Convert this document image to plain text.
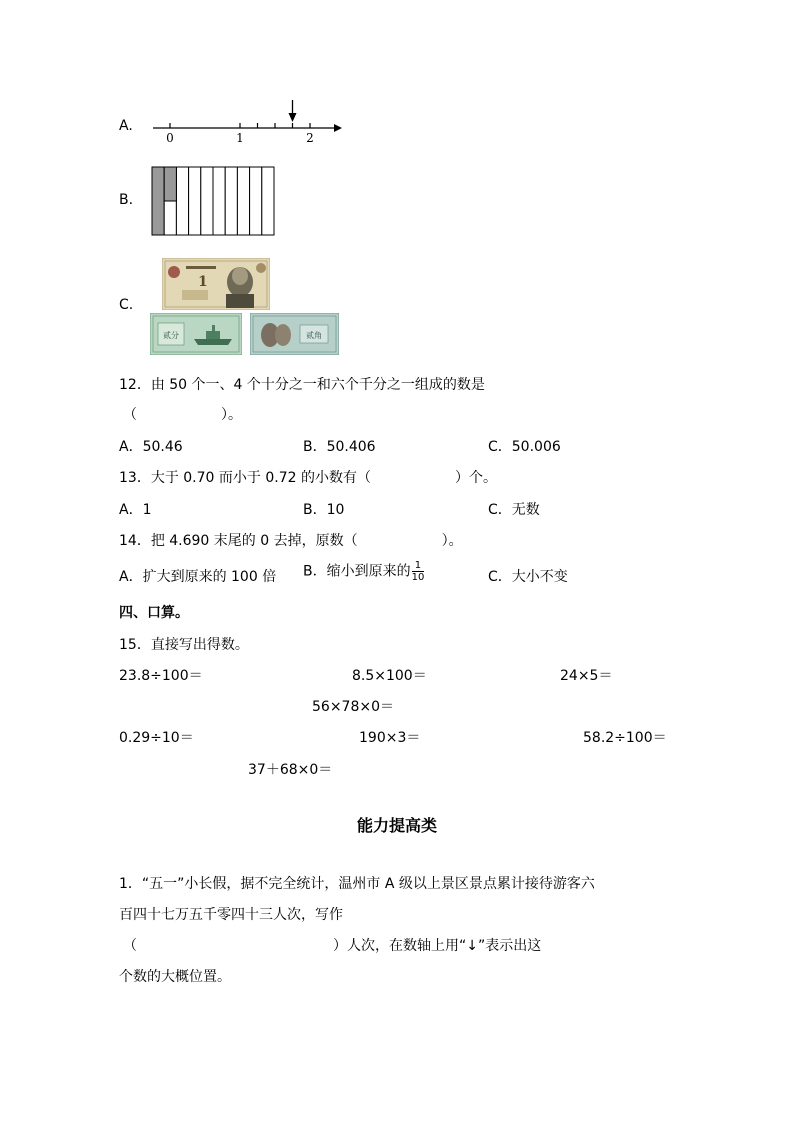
A.
0	1	2
B.
C.
1
贰分	贰角
12．由 50 个一、4 个十分之一和六个千分之一组成的数是
（　　　　　　）。
A．50.46	B．50.406	C．50.006
13．大于 0.70 而小于 0.72 的小数有（　　　　　　）个。
A．1	B．10	C．无数
14．把 4.690 末尾的 0 去掉，原数（　　　　　　）。
A．扩大到原来的 100 倍 B．缩小到原来的 $\frac{1}{10}$	C．大小不变
四、口算。
15．直接写出得数。
23.8÷100＝	8.5×100＝	24×5＝
56×78×0＝
0.29÷10＝	190×3＝	58.2÷100＝
37＋68×0＝
能力提高类
1．“五一”小长假，据不完全统计，温州市 A 级以上景区景点累计接待游客六
百四十七万五千零四十三人次，写作
（　　　　　　　　　　　　　　）人次，在数轴上用“↓”表示出这
个数的大概位置。
